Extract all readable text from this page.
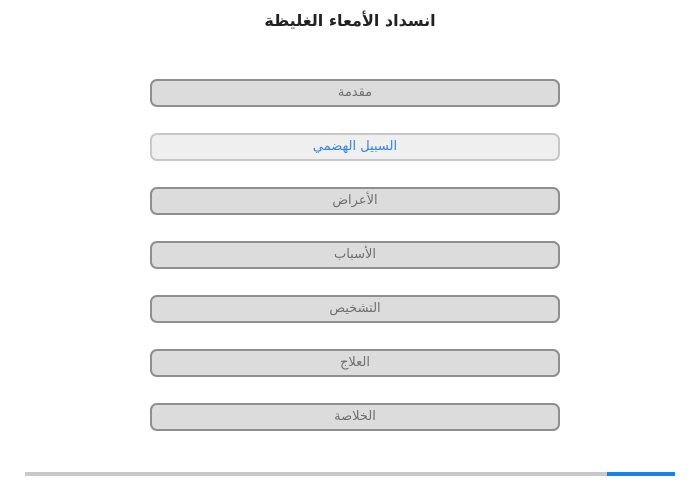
انسداد الأمعاء الغليظة
مقدمة
السبيل الهضمي
الأعراض
الأسباب
التشخيص
العلاج
الخلاصة
